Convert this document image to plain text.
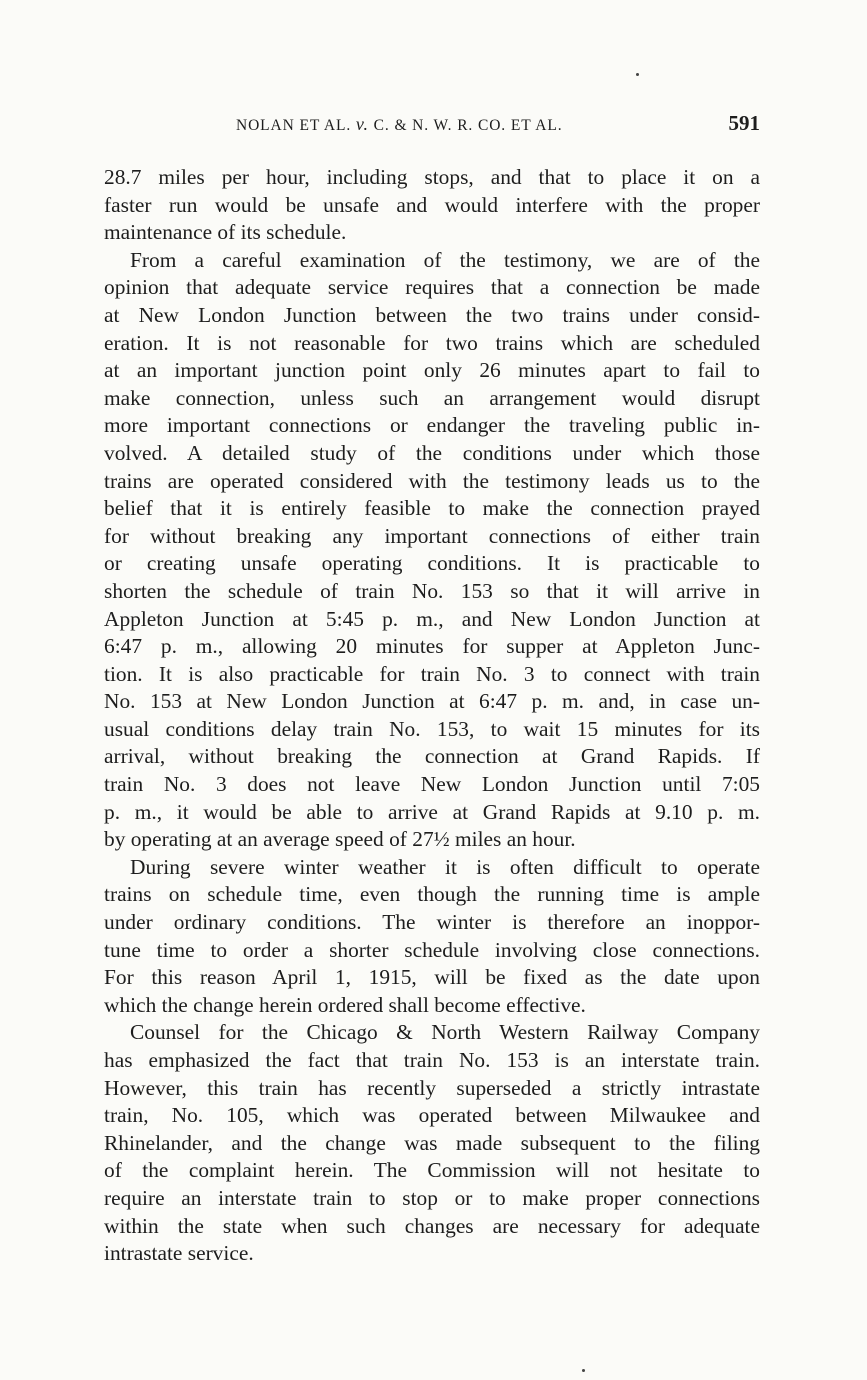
NOLAN ET AL. v. C. & N. W. R. CO. ET AL.	591
28.7 miles per hour, including stops, and that to place it on a
faster run would be unsafe and would interfere with the proper
maintenance of its schedule.
From a careful examination of the testimony, we are of the
opinion that adequate service requires that a connection be made
at New London Junction between the two trains under consid-
eration. It is not reasonable for two trains which are scheduled
at an important junction point only 26 minutes apart to fail to
make connection, unless such an arrangement would disrupt
more important connections or endanger the traveling public in-
volved. A detailed study of the conditions under which those
trains are operated considered with the testimony leads us to the
belief that it is entirely feasible to make the connection prayed
for without breaking any important connections of either train
or creating unsafe operating conditions. It is practicable to
shorten the schedule of train No. 153 so that it will arrive in
Appleton Junction at 5:45 p. m., and New London Junction at
6:47 p. m., allowing 20 minutes for supper at Appleton Junc-
tion. It is also practicable for train No. 3 to connect with train
No. 153 at New London Junction at 6:47 p. m. and, in case un-
usual conditions delay train No. 153, to wait 15 minutes for its
arrival, without breaking the connection at Grand Rapids. If
train No. 3 does not leave New London Junction until 7:05
p. m., it would be able to arrive at Grand Rapids at 9.10 p. m.
by operating at an average speed of 27½ miles an hour.
During severe winter weather it is often difficult to operate
trains on schedule time, even though the running time is ample
under ordinary conditions. The winter is therefore an inoppor-
tune time to order a shorter schedule involving close connections.
For this reason April 1, 1915, will be fixed as the date upon
which the change herein ordered shall become effective.
Counsel for the Chicago & North Western Railway Company
has emphasized the fact that train No. 153 is an interstate train.
However, this train has recently superseded a strictly intrastate
train, No. 105, which was operated between Milwaukee and
Rhinelander, and the change was made subsequent to the filing
of the complaint herein. The Commission will not hesitate to
require an interstate train to stop or to make proper connections
within the state when such changes are necessary for adequate
intrastate service.
